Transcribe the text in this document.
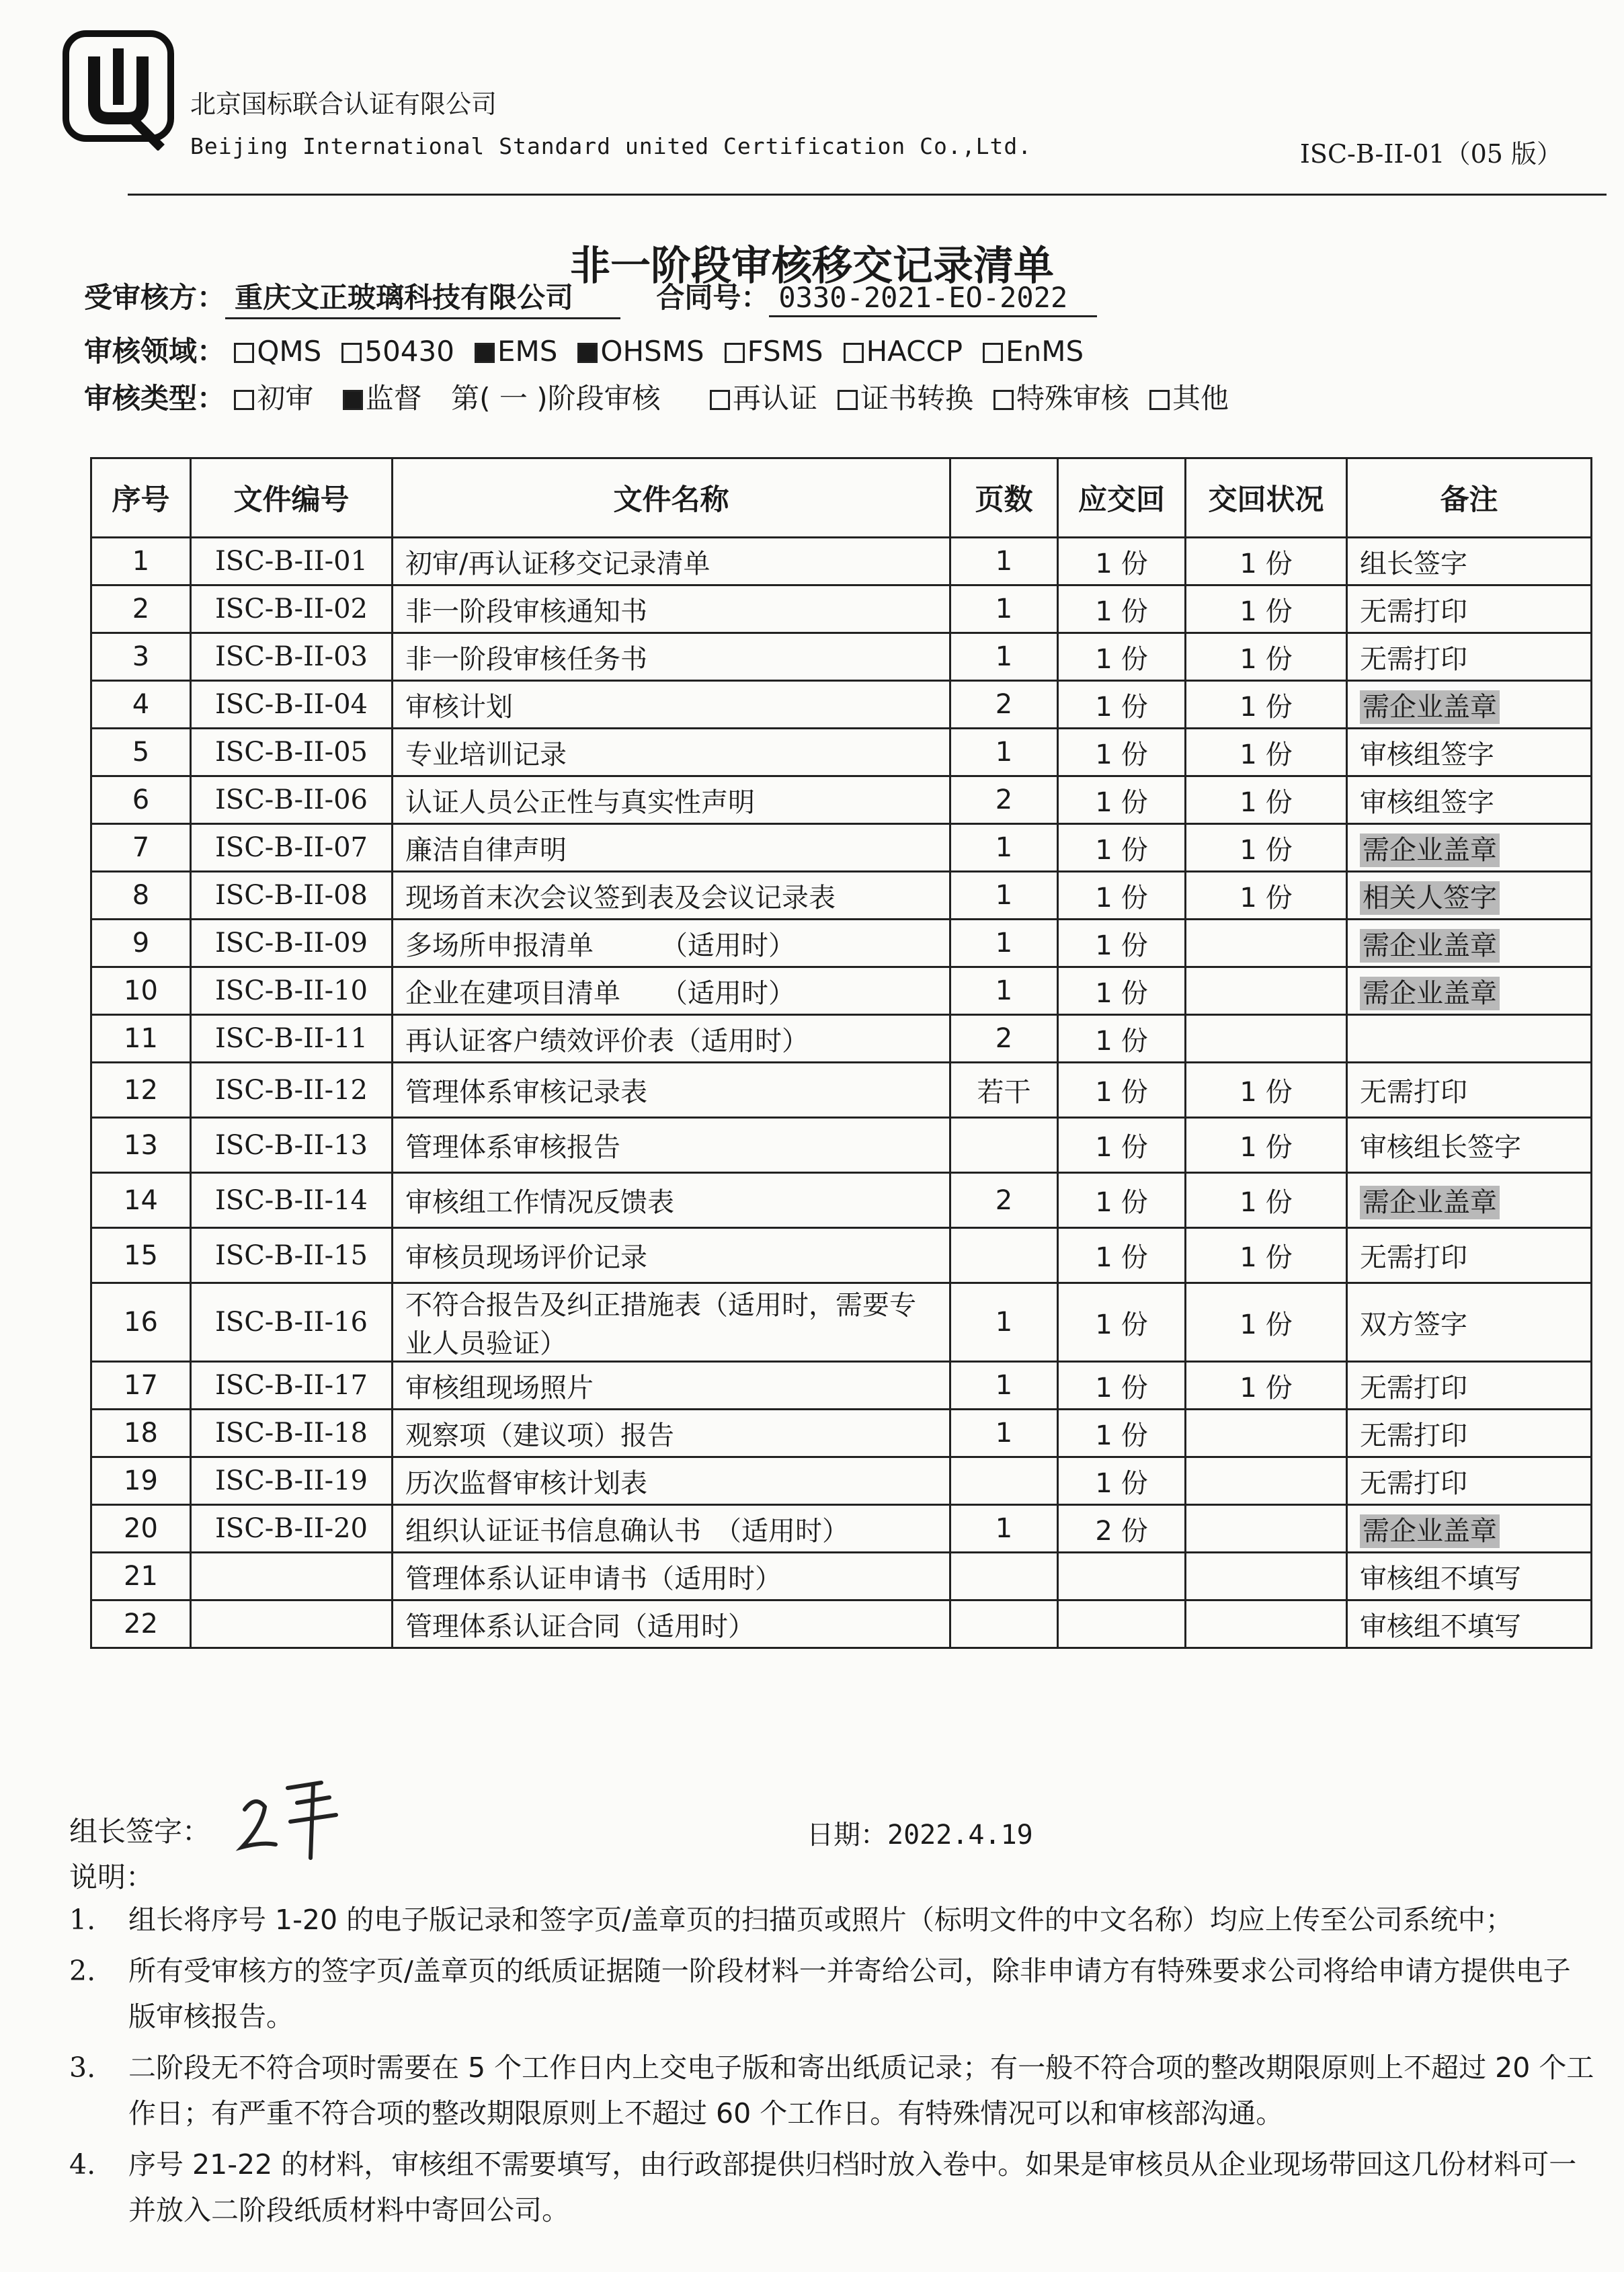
北京国标联合认证有限公司
Beijing International Standard united Certification Co.,Ltd.	ISC-B-II-01（05 版）
非一阶段审核移交记录清单
受审核方： 重庆文正玻璃科技有限公司	合同号： 0330-2021-EO-2022
审核领域： QMS 50430 EMS OHSMS FSMS HACCP EnMS
审核类型： 初审 监督 第( 一 )阶段审核	再认证 证书转换 特殊审核 其他
序号	文件编号	文件名称	页数	应交回	交回状况	备注
1	ISC-B-II-01	初审/再认证移交记录清单	1	1 份	1 份	组长签字
2	ISC-B-II-02	非一阶段审核通知书	1	1 份	1 份	无需打印
3	ISC-B-II-03	非一阶段审核任务书	1	1 份	1 份	无需打印
4	ISC-B-II-04	审核计划	2	1 份	1 份	需企业盖章
5	ISC-B-II-05	专业培训记录	1	1 份	1 份	审核组签字
6	ISC-B-II-06	认证人员公正性与真实性声明	2	1 份	1 份	审核组签字
7	ISC-B-II-07	廉洁自律声明	1	1 份	1 份	需企业盖章
8	ISC-B-II-08	现场首末次会议签到表及会议记录表	1	1 份	1 份	相关人签字
9	ISC-B-II-09	多场所申报清单　　　（适用时）	1	1 份		需企业盖章
10	ISC-B-II-10	企业在建项目清单　　（适用时）	1	1 份		需企业盖章
11	ISC-B-II-11	再认证客户绩效评价表（适用时）	2	1 份		
12	ISC-B-II-12	管理体系审核记录表	若干	1 份	1 份	无需打印
13	ISC-B-II-13	管理体系审核报告		1 份	1 份	审核组长签字
14	ISC-B-II-14	审核组工作情况反馈表	2	1 份	1 份	需企业盖章
15	ISC-B-II-15	审核员现场评价记录		1 份	1 份	无需打印
16	ISC-B-II-16	不符合报告及纠正措施表（适用时，需要专业人员验证）	1	1 份	1 份	双方签字
17	ISC-B-II-17	审核组现场照片	1	1 份	1 份	无需打印
18	ISC-B-II-18	观察项（建议项）报告	1	1 份		无需打印
19	ISC-B-II-19	历次监督审核计划表		1 份		无需打印
20	ISC-B-II-20	组织认证证书信息确认书　（适用时）	1	2 份		需企业盖章
21		管理体系认证申请书（适用时）				审核组不填写
22		管理体系认证合同（适用时）				审核组不填写
组长签字：	日期：2022.4.19
说明：
1.	组长将序号 1-20 的电子版记录和签字页/盖章页的扫描页或照片（标明文件的中文名称）均应上传至公司系统中；
2.	所有受审核方的签字页/盖章页的纸质证据随一阶段材料一并寄给公司，除非申请方有特殊要求公司将给申请方提供电子版审核报告。
3.	二阶段无不符合项时需要在 5 个工作日内上交电子版和寄出纸质记录；有一般不符合项的整改期限原则上不超过 20 个工作日；有严重不符合项的整改期限原则上不超过 60 个工作日。有特殊情况可以和审核部沟通。
4.	序号 21-22 的材料，审核组不需要填写，由行政部提供归档时放入卷中。如果是审核员从企业现场带回这几份材料可一并放入二阶段纸质材料中寄回公司。
